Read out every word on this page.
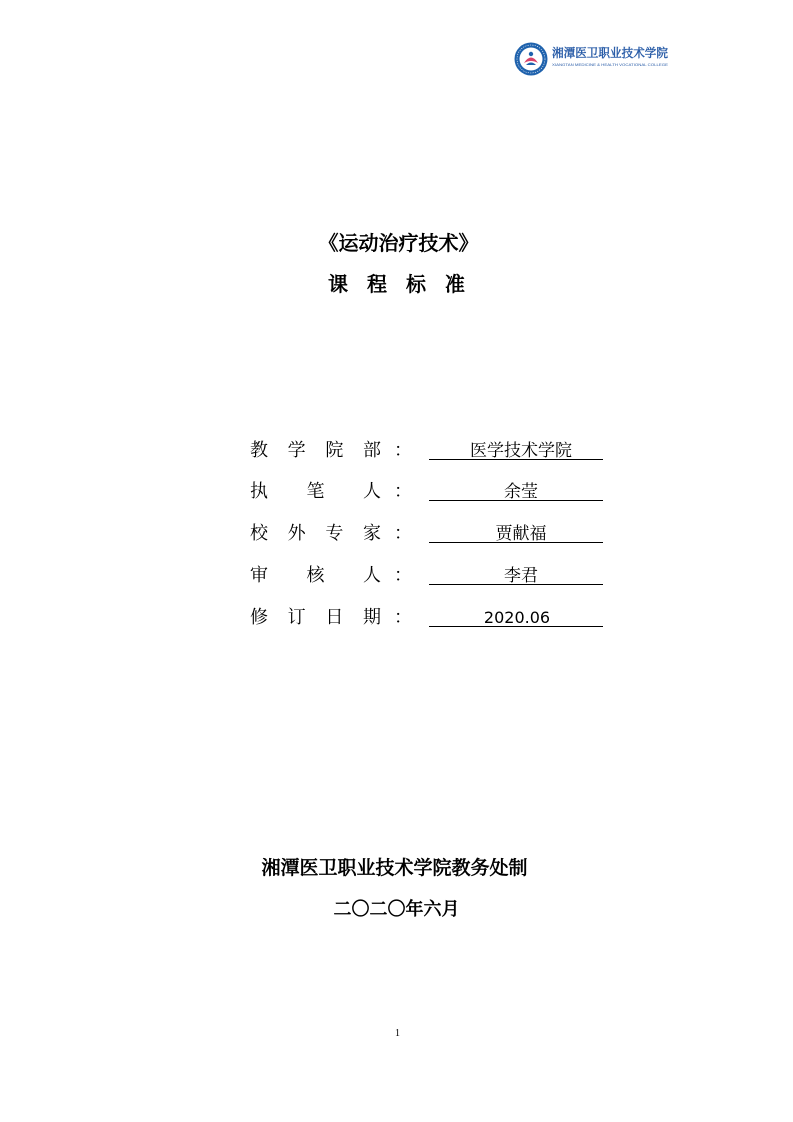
湘潭医卫职业技术学院
XIANGTAN MEDICINE & HEALTH VOCATIONAL COLLEGE
《运动治疗技术》
课 程 标 准
教学院部 ：	医学技术学院
执笔人 ：	余莹
校外专家 ：	贾献福
审核人 ：	李君
修订日期 ：	2020.06
湘潭医卫职业技术学院教务处制
二〇二〇年六月
1
